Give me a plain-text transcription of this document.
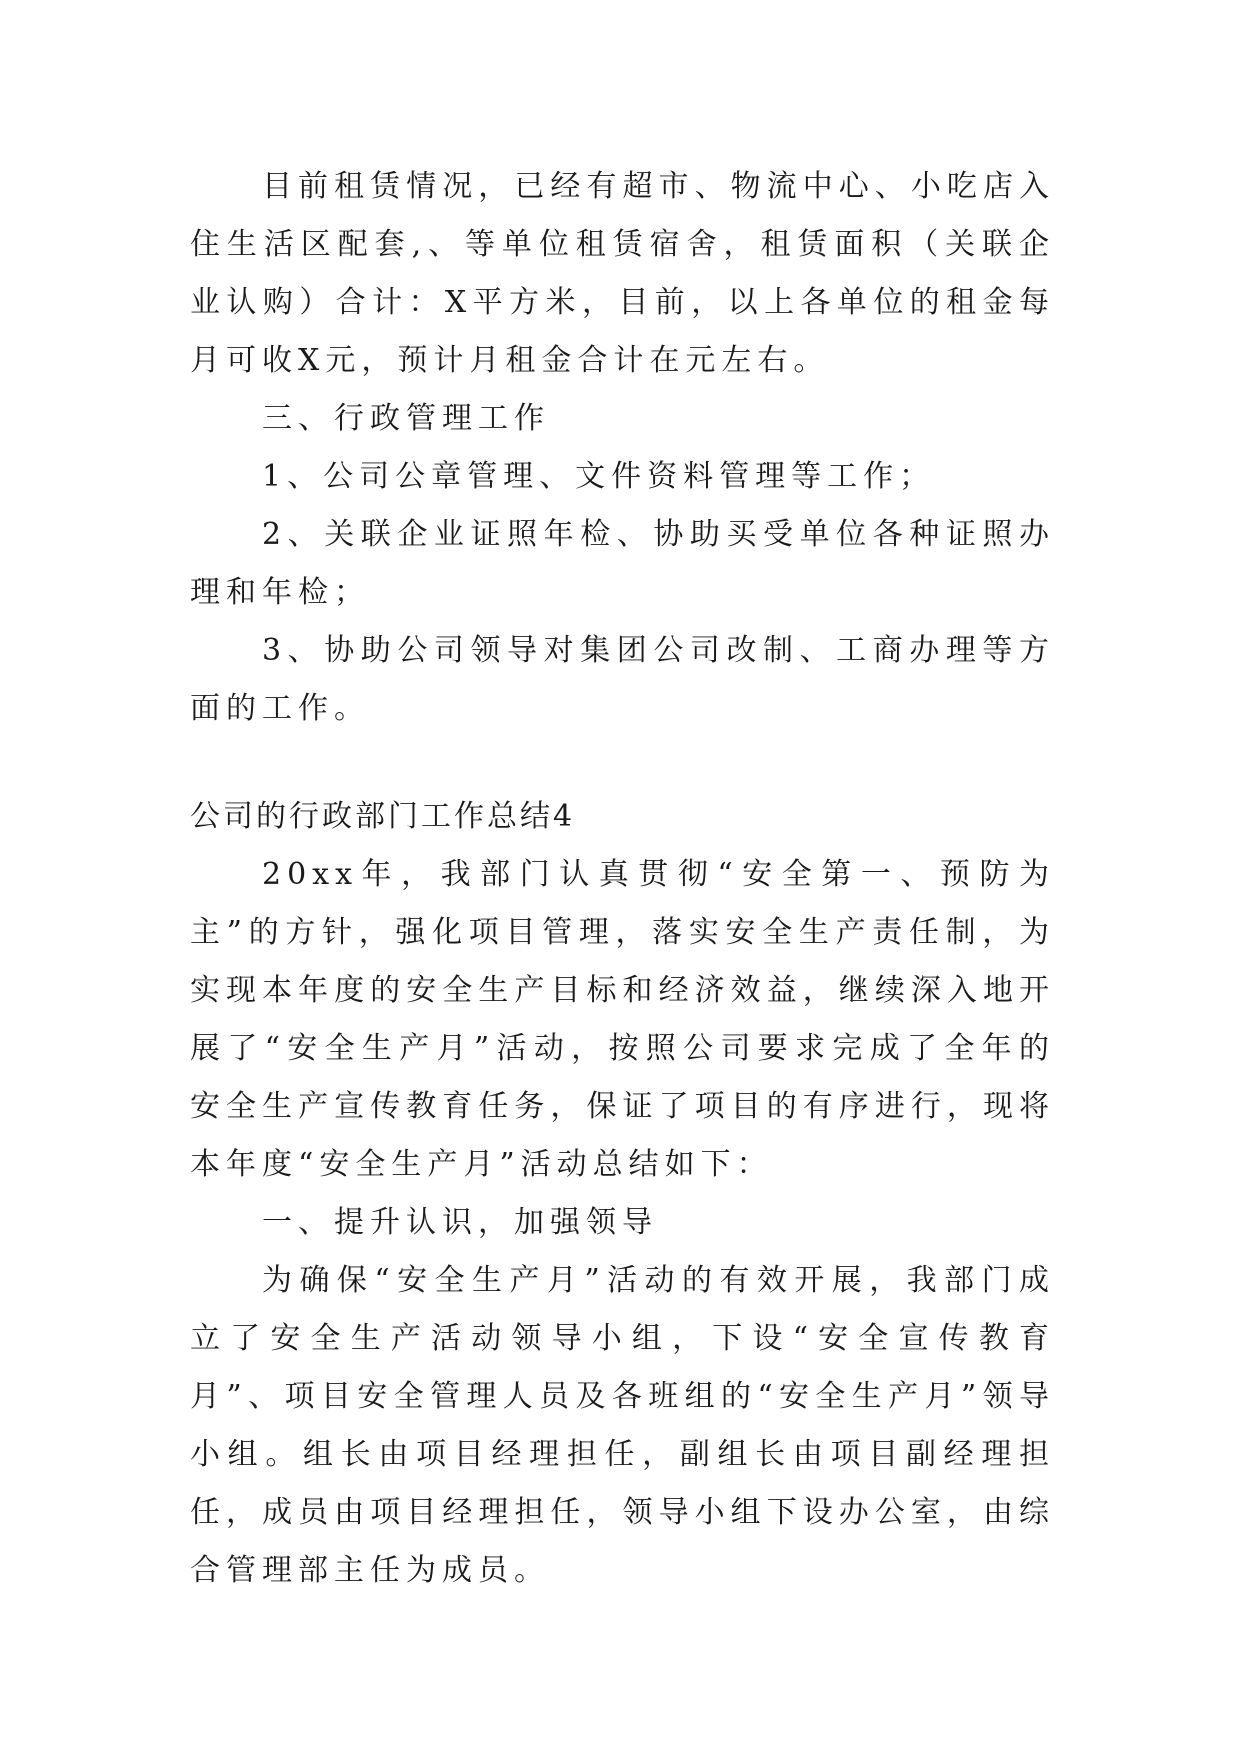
目前租赁情况，已经有超市、物流中心、小吃店入住生活区配套,、等单位租赁宿舍，租赁面积（关联企业认购）合计：X平方米，目前，以上各单位的租金每月可收X元，预计月租金合计在元左右。

三、行政管理工作

1、公司公章管理、文件资料管理等工作；

2、关联企业证照年检、协助买受单位各种证照办理和年检；

3、协助公司领导对集团公司改制、工商办理等方面的工作。

公司的行政部门工作总结4

20xx年，我部门认真贯彻“安全第一、预防为主”的方针，强化项目管理，落实安全生产责任制，为实现本年度的安全生产目标和经济效益，继续深入地开展了“安全生产月”活动，按照公司要求完成了全年的安全生产宣传教育任务，保证了项目的有序进行，现将本年度“安全生产月”活动总结如下：

一、提升认识，加强领导

为确保“安全生产月”活动的有效开展，我部门成立了安全生产活动领导小组，下设“安全宣传教育月”、项目安全管理人员及各班组的“安全生产月”领导小组。组长由项目经理担任，副组长由项目副经理担任，成员由项目经理担任，领导小组下设办公室，由综合管理部主任为成员。
